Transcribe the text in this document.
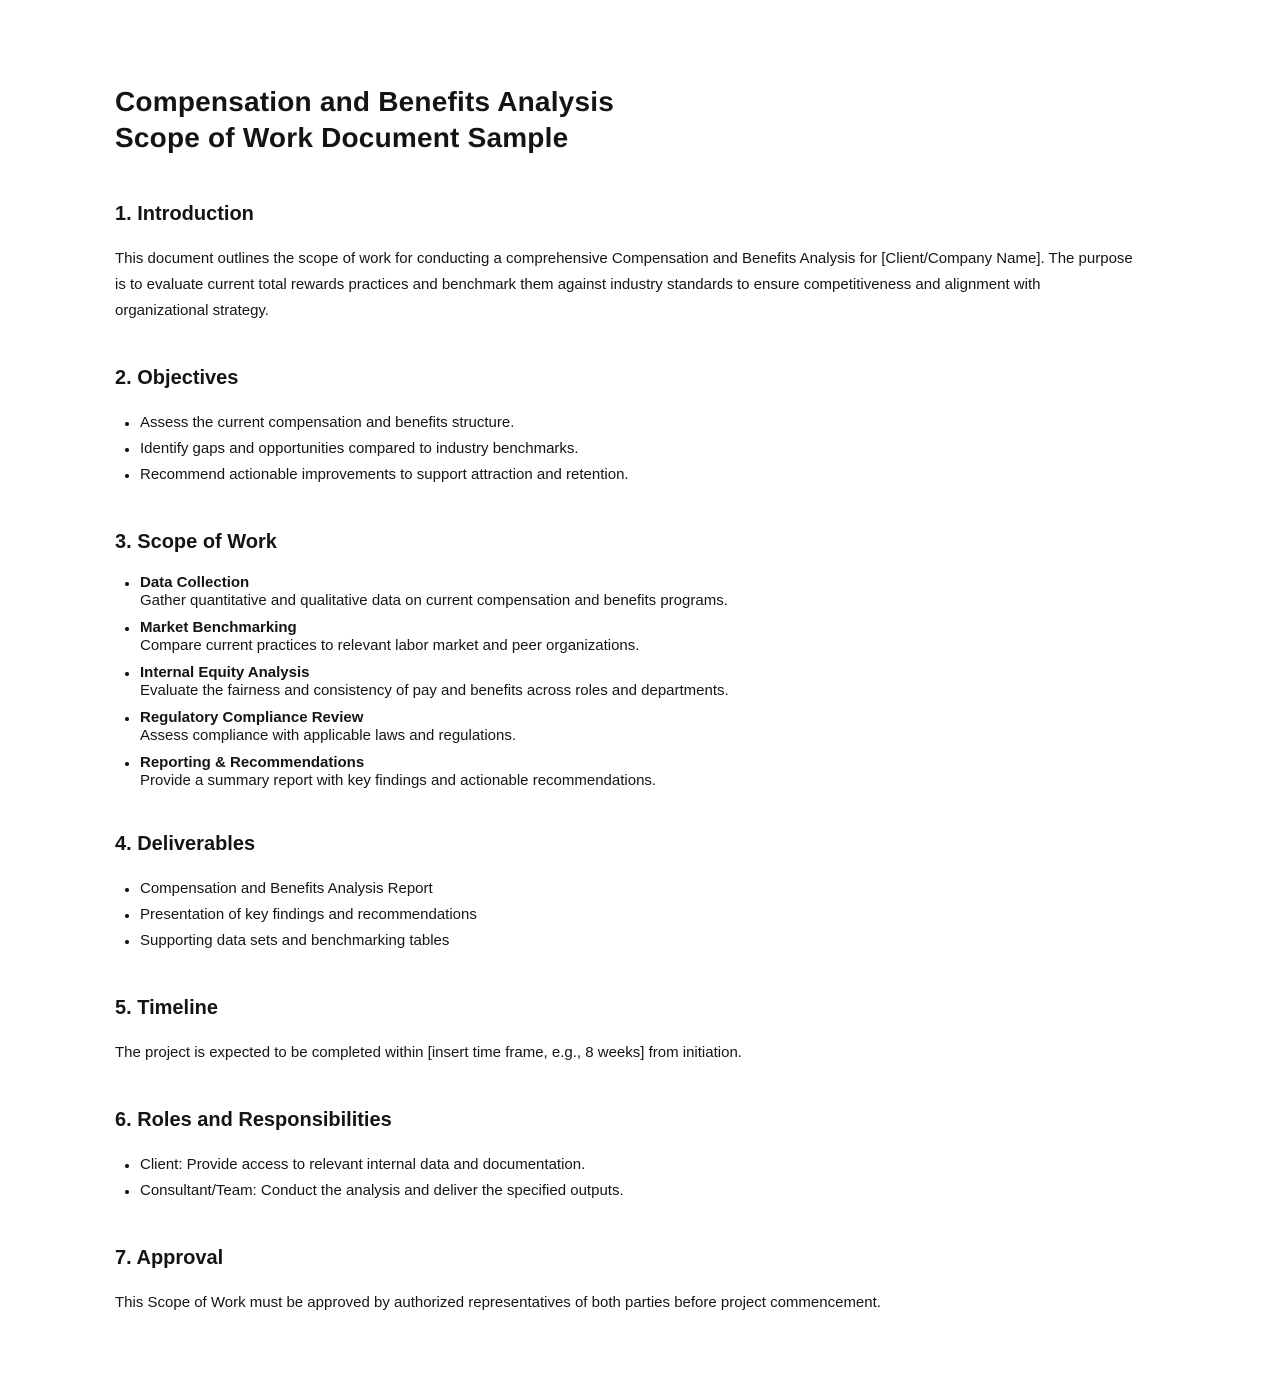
Compensation and Benefits Analysis
Scope of Work Document Sample
1. Introduction

This document outlines the scope of work for conducting a comprehensive Compensation and Benefits Analysis for [Client/Company Name]. The purpose is to evaluate current total rewards practices and benchmark them against industry standards to ensure competitiveness and alignment with organizational strategy.

2. Objectives
• Assess the current compensation and benefits structure.
• Identify gaps and opportunities compared to industry benchmarks.
• Recommend actionable improvements to support attraction and retention.
3. Scope of Work
• Data Collection
Gather quantitative and qualitative data on current compensation and benefits programs.
• Market Benchmarking
Compare current practices to relevant labor market and peer organizations.
• Internal Equity Analysis
Evaluate the fairness and consistency of pay and benefits across roles and departments.
• Regulatory Compliance Review
Assess compliance with applicable laws and regulations.
• Reporting & Recommendations
Provide a summary report with key findings and actionable recommendations.
4. Deliverables
• Compensation and Benefits Analysis Report
• Presentation of key findings and recommendations
• Supporting data sets and benchmarking tables
5. Timeline

The project is expected to be completed within [insert time frame, e.g., 8 weeks] from initiation.

6. Roles and Responsibilities
• Client: Provide access to relevant internal data and documentation.
• Consultant/Team: Conduct the analysis and deliver the specified outputs.
7. Approval

This Scope of Work must be approved by authorized representatives of both parties before project commencement.
